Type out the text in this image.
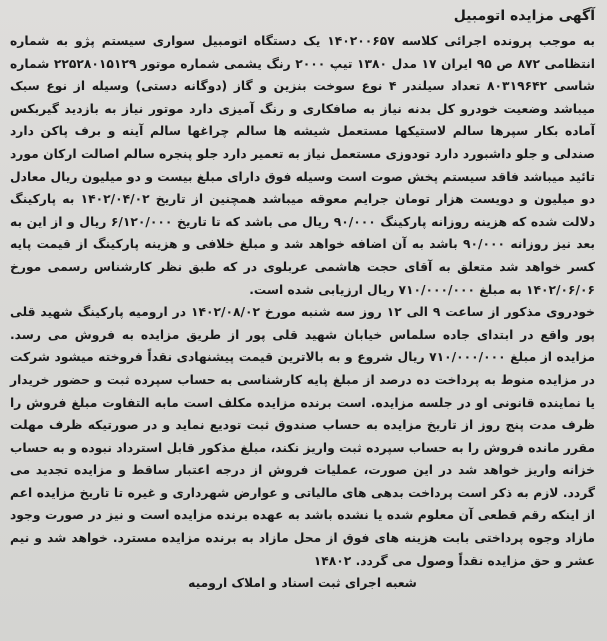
آگهی مزایده اتومبیل

به موجب پرونده اجرائی کلاسه ۱۴۰۲۰۰۶۵۷ یک دستگاه اتومبیل سواری سیستم پژو به شماره انتظامی ۸۷۲ ص ۹۵ ایران ۱۷ مدل ۱۳۸۰ تیپ ۲۰۰۰ رنگ یشمی شماره موتور ۲۲۵۲۸۰۱۵۱۲۹ شماره شاسی ۸۰۳۱۹۶۴۲ تعداد سیلندر ۴ نوع سوخت بنزین و گاز (دوگانه دستی) وسیله از نوع سبک میباشد وضعیت خودرو کل بدنه نیاز به صافکاری و رنگ آمیزی دارد موتور نیاز به بازدید گیربکس آماده بکار سپرها سالم لاستیکها مستعمل شیشه ها سالم چراغها سالم آینه و برف پاکن دارد صندلی و جلو داشبورد دارد تودوزی مستعمل نیاز به تعمیر دارد جلو پنجره سالم اصالت ارکان مورد تائید میباشد فاقد سیستم پخش صوت است وسیله فوق دارای مبلغ بیست و دو میلیون ریال معادل دو میلیون و دویست هزار تومان جرایم معوقه میباشد همچنین از تاریخ ۱۴۰۲/۰۴/۰۲ به پارکینگ دلالت شده که هزینه روزانه پارکینگ ۹۰/۰۰۰ ریال می باشد که تا تاریخ ۶/۱۲۰/۰۰۰ ریال و از این به بعد نیز روزانه ۹۰/۰۰۰ باشد به آن اضافه خواهد شد و مبلغ خلافی و هزینه پارکینگ از قیمت پایه کسر خواهد شد متعلق به آقای حجت هاشمی عربلوی در که طبق نظر کارشناس رسمی مورخ ۱۴۰۲/۰۶/۰۶ به مبلغ ۷۱۰/۰۰۰/۰۰۰ ریال ارزیابی شده است.

خودروی مذکور از ساعت ۹ الی ۱۲ روز سه شنبه مورخ ۱۴۰۲/۰۸/۰۲ در ارومیه پارکینگ شهید قلی پور واقع در ابتدای جاده سلماس خیابان شهید قلی پور از طریق مزایده به فروش می رسد. مزایده از مبلغ ۷۱۰/۰۰۰/۰۰۰ ریال شروع و به بالاترین قیمت پیشنهادی نقداً فروخته میشود شرکت در مزایده منوط به پرداخت ده درصد از مبلغ پایه کارشناسی به حساب سپرده ثبت و حضور خریدار یا نماینده قانونی او در جلسه مزایده. است برنده مزایده مکلف است مابه التفاوت مبلغ فروش را ظرف مدت پنج روز از تاریخ مزایده به حساب صندوق ثبت تودیع نماید و در صورتیکه ظرف مهلت مقرر مانده فروش را به حساب سپرده ثبت واریز نکند، مبلغ مذکور قابل استرداد نبوده و به حساب خزانه واریز خواهد شد در این صورت، عملیات فروش از درجه اعتبار ساقط و مزایده تجدید می گردد. لازم به ذکر است پرداخت بدهی های مالیاتی و عوارض شهرداری و غیره تا تاریخ مزایده اعم از اینکه رقم قطعی آن معلوم شده یا نشده باشد به عهده برنده مزایده است و نیز در صورت وجود مازاد وجوه پرداختی بابت هزینه های فوق از محل مازاد به برنده مزایده مسترد. خواهد شد و نیم عشر و حق مزایده نقداً وصول می گردد. ۱۴۸۰۲

شعبه اجرای ثبت اسناد و املاک ارومیه
